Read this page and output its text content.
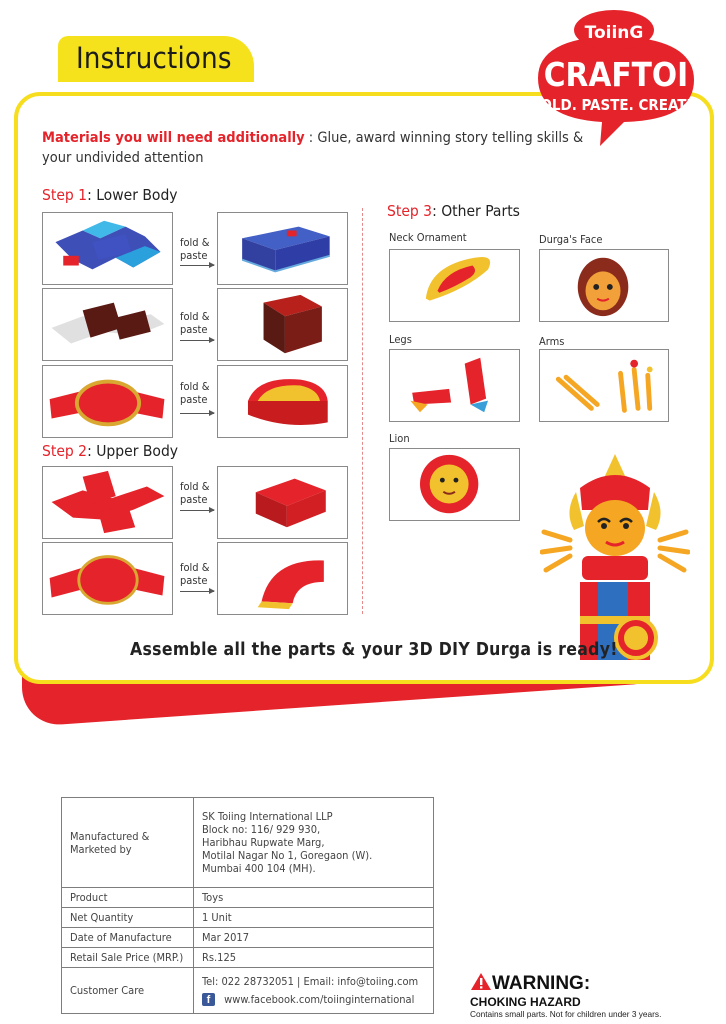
Instructions
ToiinG
CRAFTOI
FOLD. PASTE. CREATE.
Materials you will need additionally : Glue, award winning story telling skills & your undivided attention
Step 1: Lower Body
fold &
paste
fold &
paste
fold &
paste
Step 2: Upper Body
fold &
paste
fold &
paste
Step 3: Other Parts
Neck Ornament	Durga's Face
Legs	Arms
Lion
Assemble all the parts & your 3D DIY Durga is ready!
Manufactured & Marketed by	SK Toiing International LLP
Block no: 116/ 929 930,
Haribhau Rupwate Marg,
Motilal Nagar No 1, Goregaon (W).
Mumbai 400 104 (MH).

Product	Toys
Net Quantity	1 Unit
Date of Manufacture	Mar 2017
Retail Sale Price (MRP.)	Rs.125
Customer Care	Tel: 022 28732051 | Email: info@toiing.com
f www.facebook.com/toiinginternational
WARNING:
CHOKING HAZARD
Contains small parts. Not for children under 3 years.
